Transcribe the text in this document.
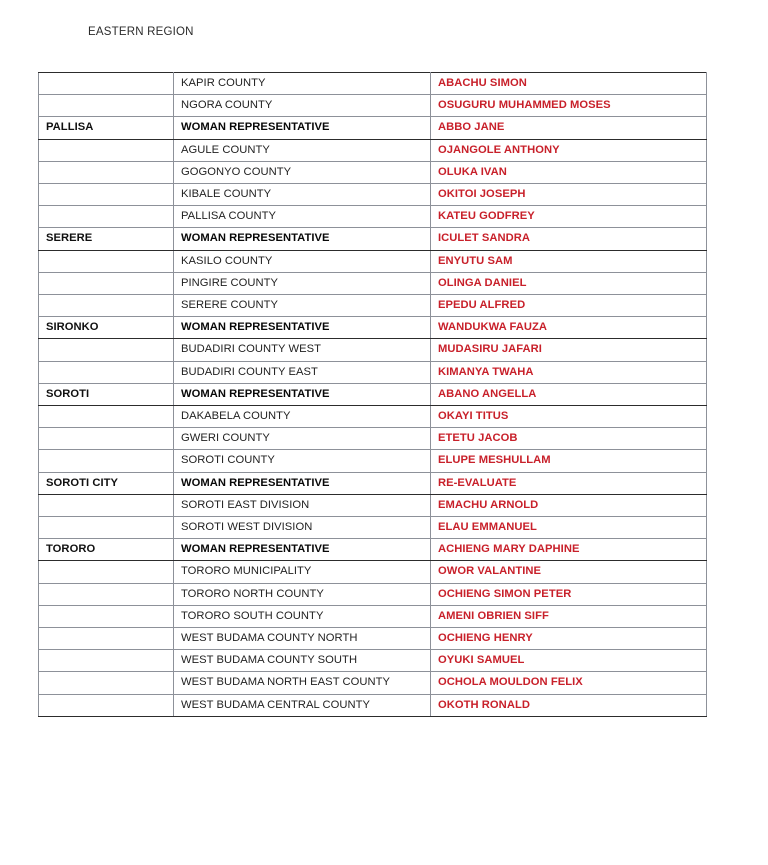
EASTERN REGION
	KAPIR COUNTY	ABACHU SIMON
	NGORA COUNTY	OSUGURU MUHAMMED MOSES
PALLISA	WOMAN REPRESENTATIVE	ABBO JANE
	AGULE COUNTY	OJANGOLE ANTHONY
	GOGONYO COUNTY	OLUKA IVAN
	KIBALE COUNTY	OKITOI JOSEPH
	PALLISA COUNTY	KATEU GODFREY
SERERE	WOMAN REPRESENTATIVE	ICULET SANDRA
	KASILO COUNTY	ENYUTU SAM
	PINGIRE COUNTY	OLINGA DANIEL
	SERERE COUNTY	EPEDU ALFRED
SIRONKO	WOMAN REPRESENTATIVE	WANDUKWA FAUZA
	BUDADIRI COUNTY WEST	MUDASIRU JAFARI
	BUDADIRI COUNTY EAST	KIMANYA TWAHA
SOROTI	WOMAN REPRESENTATIVE	ABANO ANGELLA
	DAKABELA COUNTY	OKAYI TITUS
	GWERI COUNTY	ETETU JACOB
	SOROTI COUNTY	ELUPE MESHULLAM
SOROTI CITY	WOMAN REPRESENTATIVE	RE-EVALUATE
	SOROTI EAST DIVISION	EMACHU ARNOLD
	SOROTI WEST DIVISION	ELAU EMMANUEL
TORORO	WOMAN REPRESENTATIVE	ACHIENG MARY DAPHINE
	TORORO MUNICIPALITY	OWOR VALANTINE
	TORORO NORTH COUNTY	OCHIENG SIMON PETER
	TORORO SOUTH COUNTY	AMENI OBRIEN SIFF
	WEST BUDAMA COUNTY NORTH	OCHIENG HENRY
	WEST BUDAMA COUNTY SOUTH	OYUKI SAMUEL
	WEST BUDAMA NORTH EAST COUNTY	OCHOLA MOULDON FELIX
	WEST BUDAMA CENTRAL COUNTY	OKOTH RONALD
